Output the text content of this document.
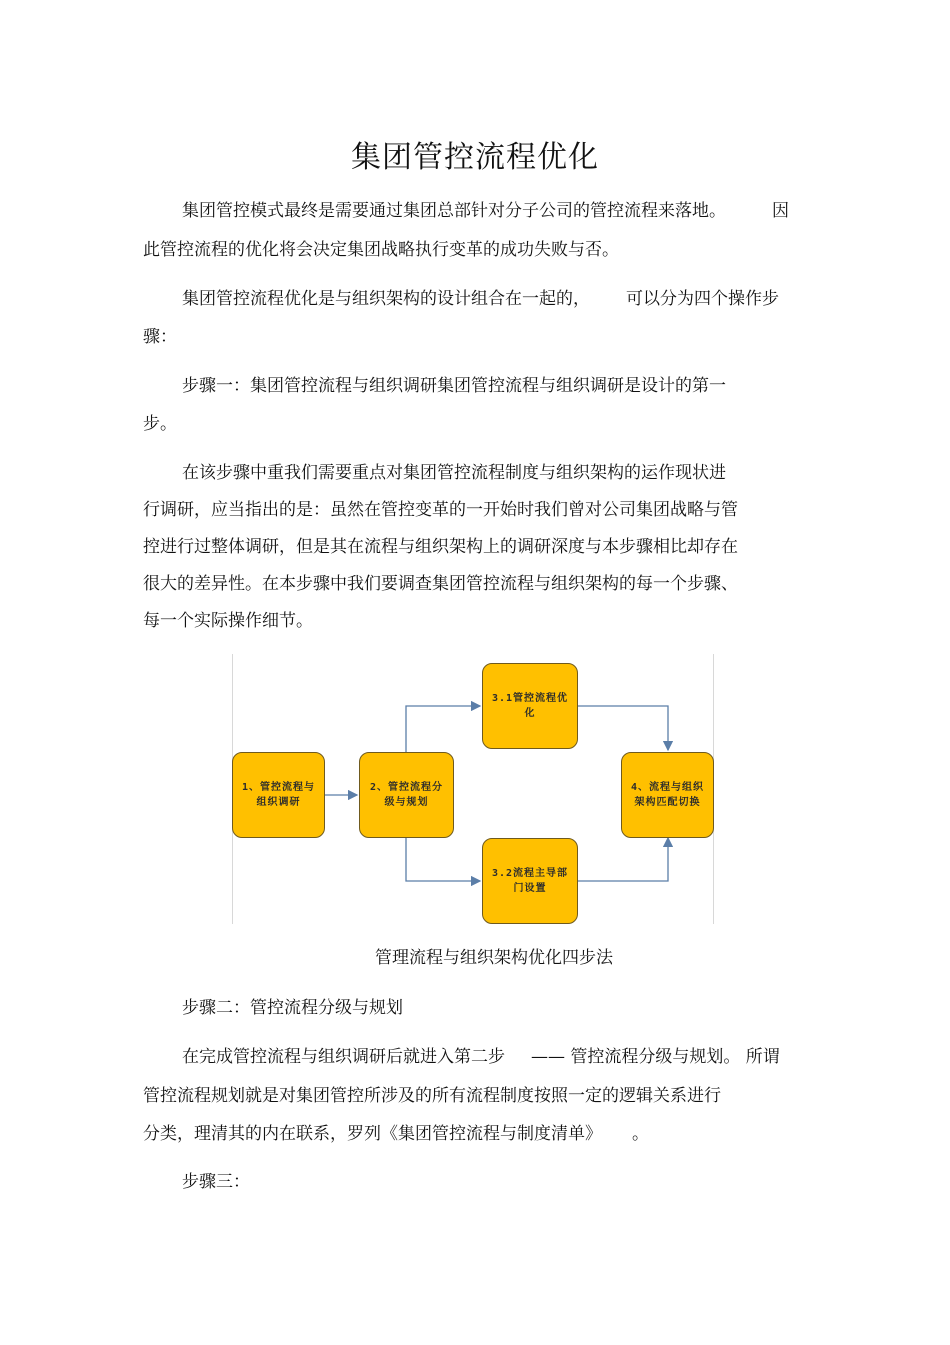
集团管控流程优化
集团管控模式最终是需要通过集团总部针对分子公司的管控流程来落地。	因
此管控流程的优化将会决定集团战略执行变革的成功失败与否。
集团管控流程优化是与组织架构的设计组合在一起的， 可以分为四个操作步
骤：
步骤一：集团管控流程与组织调研集团管控流程与组织调研是设计的第一
步。
在该步骤中重我们需要重点对集团管控流程制度与组织架构的运作现状进
行调研，应当指出的是：虽然在管控变革的一开始时我们曾对公司集团战略与管
控进行过整体调研，但是其在流程与组织架构上的调研深度与本步骤相比却存在
很大的差异性。在本步骤中我们要调查集团管控流程与组织架构的每一个步骤、
每一个实际操作细节。
1、管控流程与组织调研
2、管控流程分级与规划
3.1管控流程优化
3.2流程主导部门设置
4、流程与组织架构匹配切换
管理流程与组织架构优化四步法
步骤二：管控流程分级与规划
在完成管控流程与组织调研后就进入第二步 —— 管控流程分级与规划。 所谓
管控流程规划就是对集团管控所涉及的所有流程制度按照一定的逻辑关系进行
分类，理清其的内在联系，罗列《集团管控流程与制度清单》 。
步骤三：
